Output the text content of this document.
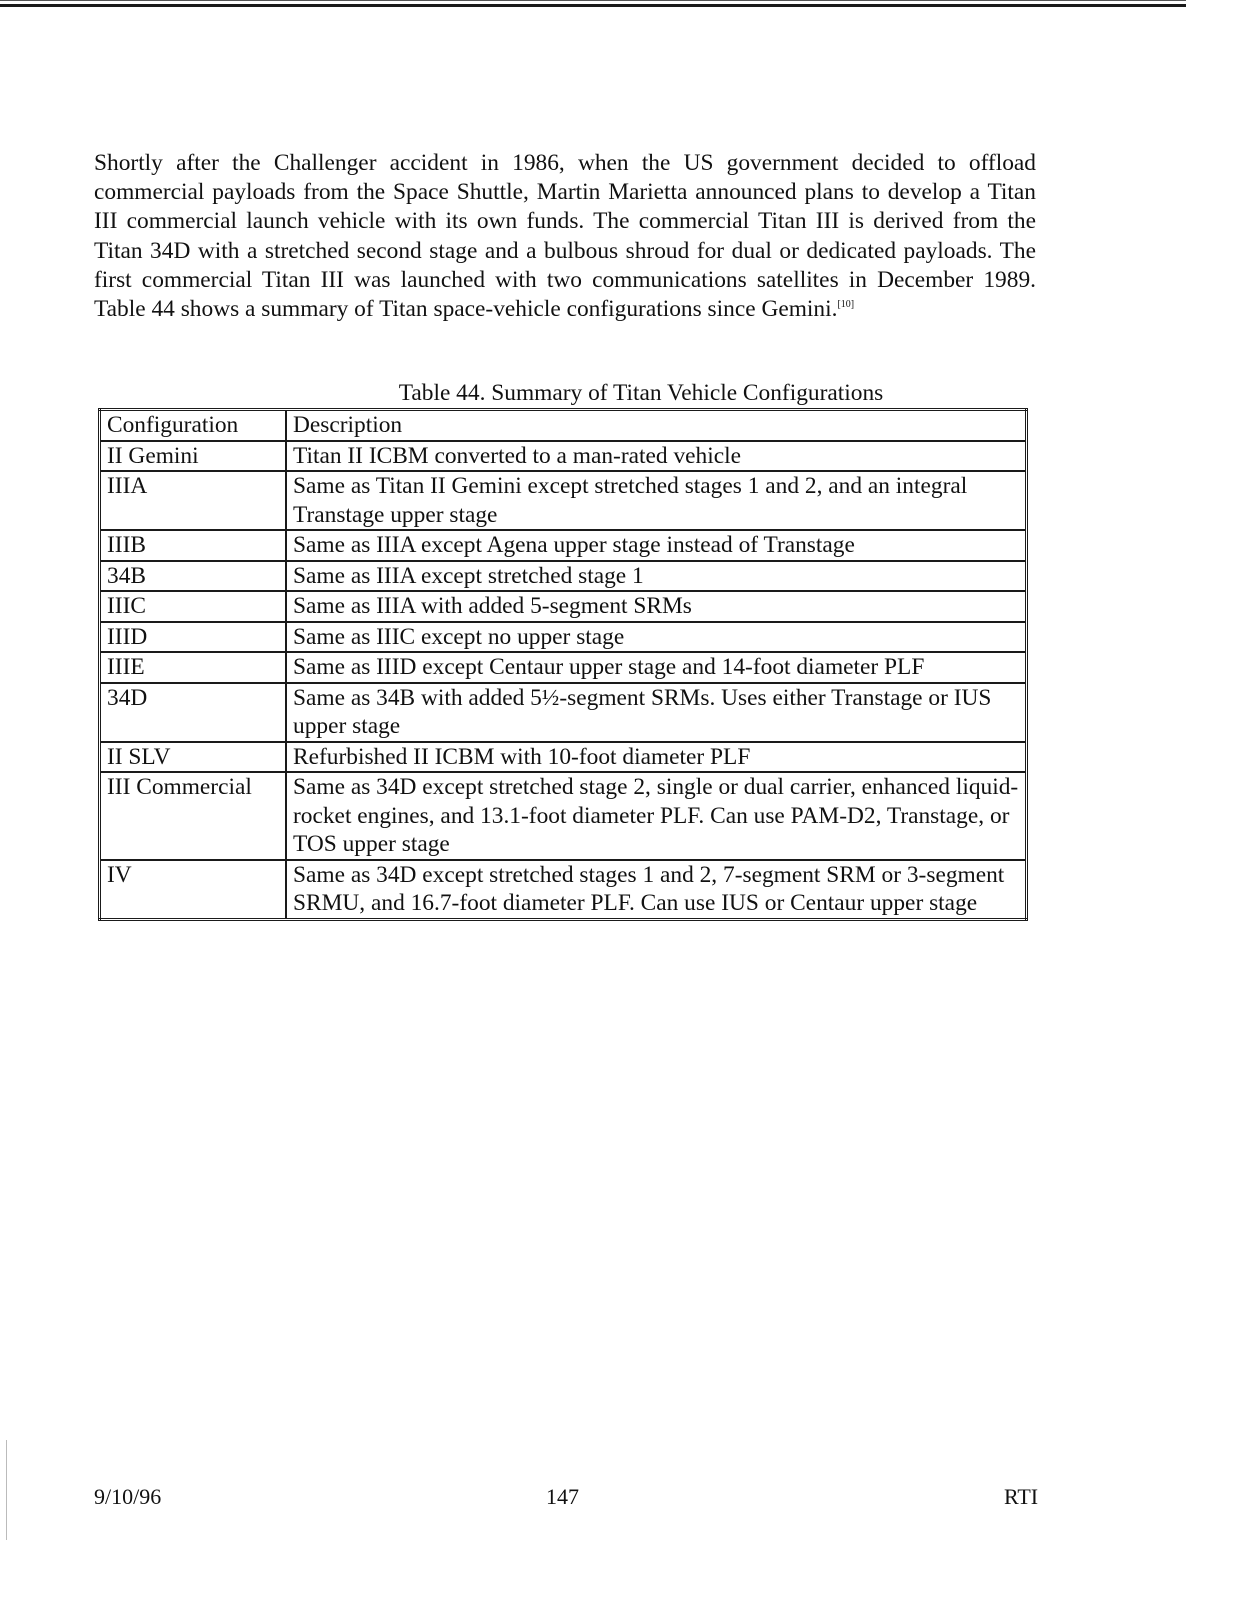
Shortly after the Challenger accident in 1986, when the US government decided to offload commercial payloads from the Space Shuttle, Martin Marietta announced plans to develop a Titan III commercial launch vehicle with its own funds. The commercial Titan III is derived from the Titan 34D with a stretched second stage and a bulbous shroud for dual or dedicated payloads. The first commercial Titan III was launched with two communications satellites in December 1989. Table 44 shows a summary of Titan space-vehicle configurations since Gemini.[10]

Table 44. Summary of Titan Vehicle Configurations

Configuration	Description
II Gemini	Titan II ICBM converted to a man-rated vehicle
IIIA	Same as Titan II Gemini except stretched stages 1 and 2, and an integral Transtage upper stage
IIIB	Same as IIIA except Agena upper stage instead of Transtage
34B	Same as IIIA except stretched stage 1
IIIC	Same as IIIA with added 5-segment SRMs
IIID	Same as IIIC except no upper stage
IIIE	Same as IIID except Centaur upper stage and 14-foot diameter PLF
34D	Same as 34B with added 5½-segment SRMs. Uses either Transtage or IUS upper stage
II SLV	Refurbished II ICBM with 10-foot diameter PLF
III Commercial	Same as 34D except stretched stage 2, single or dual carrier, enhanced liquid-rocket engines, and 13.1-foot diameter PLF. Can use PAM-D2, Transtage, or TOS upper stage
IV	Same as 34D except stretched stages 1 and 2, 7-segment SRM or 3-segment SRMU, and 16.7-foot diameter PLF. Can use IUS or Centaur upper stage
9/10/96	147	RTI
